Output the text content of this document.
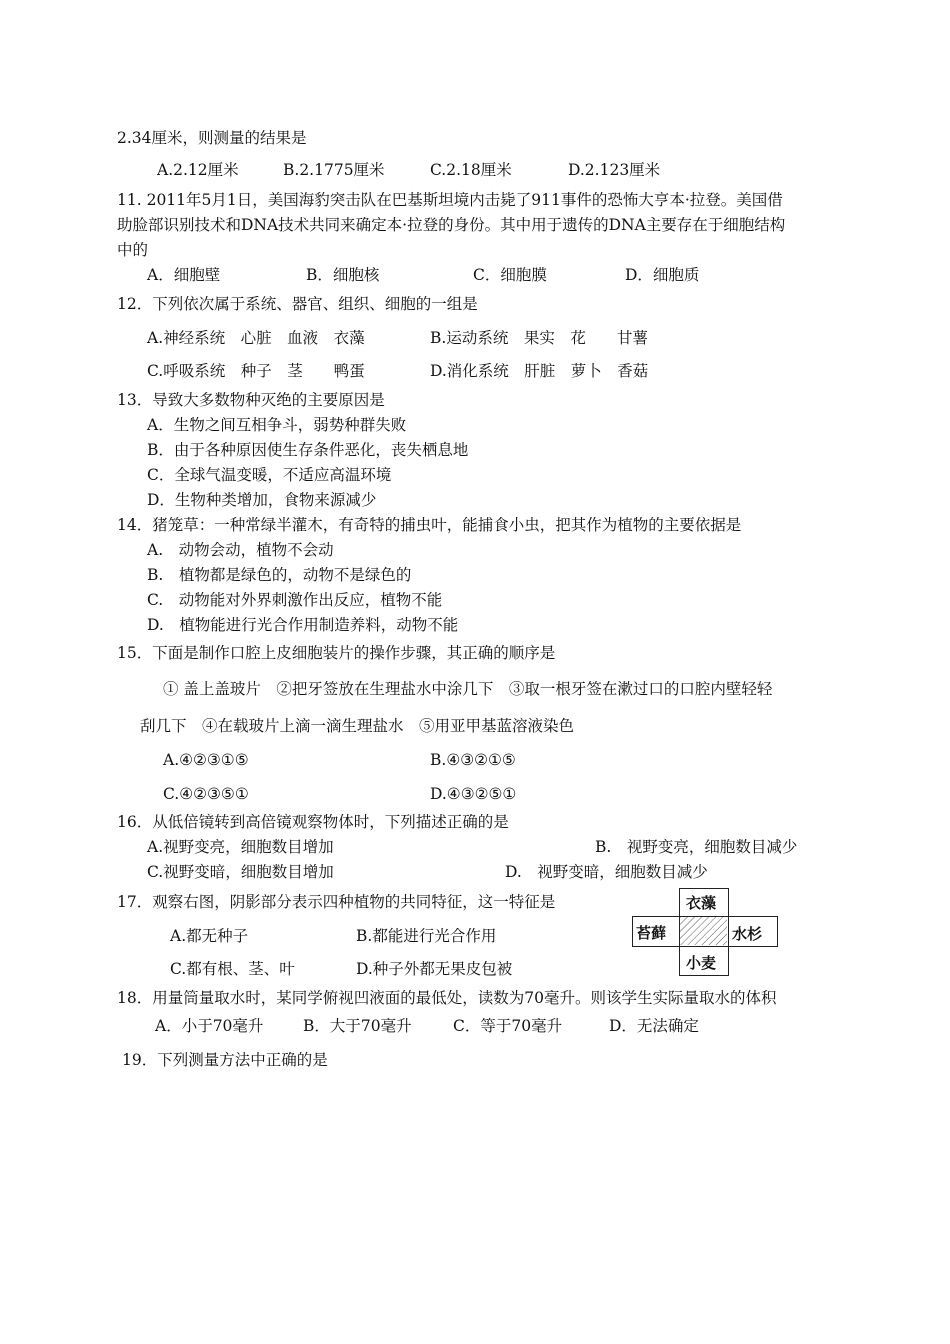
2.34厘米，则测量的结果是
A.2.12厘米	B.2.1775厘米	C.2.18厘米	D.2.123厘米
11. 2011年5月1日，美国海豹突击队在巴基斯坦境内击毙了911事件的恐怖大亨本·拉登。美国借
助脸部识别技术和DNA技术共同来确定本·拉登的身份。其中用于遗传的DNA主要存在于细胞结构
中的
A．细胞壁	B．细胞核	C．细胞膜	D．细胞质
12．下列依次属于系统、器官、组织、细胞的一组是
A.神经系统　心脏　血液　衣藻	B.运动系统　果实　花　　甘薯
C.呼吸系统　种子　茎　　鸭蛋	D.消化系统　肝脏　萝卜　香菇
13．导致大多数物种灭绝的主要原因是
A．生物之间互相争斗，弱势种群失败
B．由于各种原因使生存条件恶化，丧失栖息地
C．全球气温变暖，不适应高温环境
D．生物种类增加，食物来源减少
14．猪笼草：一种常绿半灌木，有奇特的捕虫叶，能捕食小虫，把其作为植物的主要依据是
A.　动物会动，植物不会动
B.　植物都是绿色的，动物不是绿色的
C.　动物能对外界刺激作出反应，植物不能
D.　植物能进行光合作用制造养料，动物不能
15．下面是制作口腔上皮细胞装片的操作步骤，其正确的顺序是
① 盖上盖玻片　②把牙签放在生理盐水中涂几下　③取一根牙签在漱过口的口腔内壁轻轻
刮几下　④在载玻片上滴一滴生理盐水　⑤用亚甲基蓝溶液染色
A.④②③①⑤	B.④③②①⑤
C.④②③⑤①	D.④③②⑤①
16．从低倍镜转到高倍镜观察物体时，下列描述正确的是
A.视野变亮，细胞数目增加	B.　视野变亮，细胞数目减少
C.视野变暗，细胞数目增加	D.　视野变暗，细胞数目减少
17．观察右图，阴影部分表示四种植物的共同特征，这一特征是
A.都无种子	B.都能进行光合作用
C.都有根、茎、叶	D.种子外都无果皮包被
衣藻
苔藓	水杉
小麦
18．用量筒量取水时，某同学俯视凹液面的最低处，读数为70毫升。则该学生实际量取水的体积
A．小于70毫升	B．大于70毫升	C．等于70毫升	D．无法确定
19．下列测量方法中正确的是
